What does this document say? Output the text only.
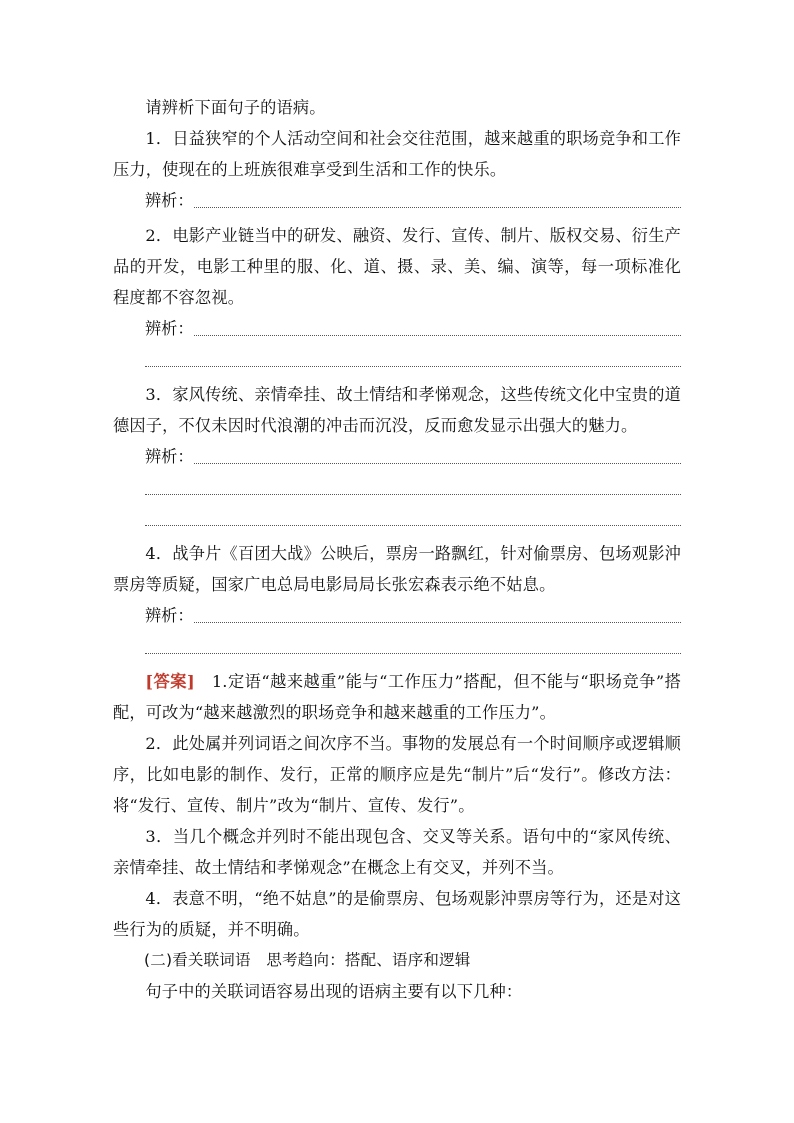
请辨析下面句子的语病。

1．日益狭窄的个人活动空间和社会交往范围，越来越重的职场竞争和工作压力，使现在的上班族很难享受到生活和工作的快乐。

辨析：

2．电影产业链当中的研发、融资、发行、宣传、制片、版权交易、衍生产品的开发，电影工种里的服、化、道、摄、录、美、编、演等，每一项标准化程度都不容忽视。

辨析：

3．家风传统、亲情牵挂、故土情结和孝悌观念，这些传统文化中宝贵的道德因子，不仅未因时代浪潮的冲击而沉没，反而愈发显示出强大的魅力。

辨析：

4．战争片《百团大战》公映后，票房一路飘红，针对偷票房、包场观影沖票房等质疑，国家广电总局电影局局长张宏森表示绝不姑息。

辨析：

[答案]　 1.定语“越来越重”能与“工作压力”搭配，但不能与“职场竞争”搭配，可改为“越来越激烈的职场竞争和越来越重的工作压力”。

2．此处属并列词语之间次序不当。事物的发展总有一个时间顺序或逻辑顺序，比如电影的制作、发行，正常的顺序应是先“制片”后“发行”。修改方法：将“发行、宣传、制片”改为“制片、宣传、发行”。

3．当几个概念并列时不能出现包含、交叉等关系。语句中的“家风传统、亲情牵挂、故土情结和孝悌观念”在概念上有交叉，并列不当。

4．表意不明，“绝不姑息”的是偷票房、包场观影沖票房等行为，还是对这些行为的质疑，并不明确。

(二)看关联词语　思考趋向：搭配、语序和逻辑

句子中的关联词语容易出现的语病主要有以下几种：
